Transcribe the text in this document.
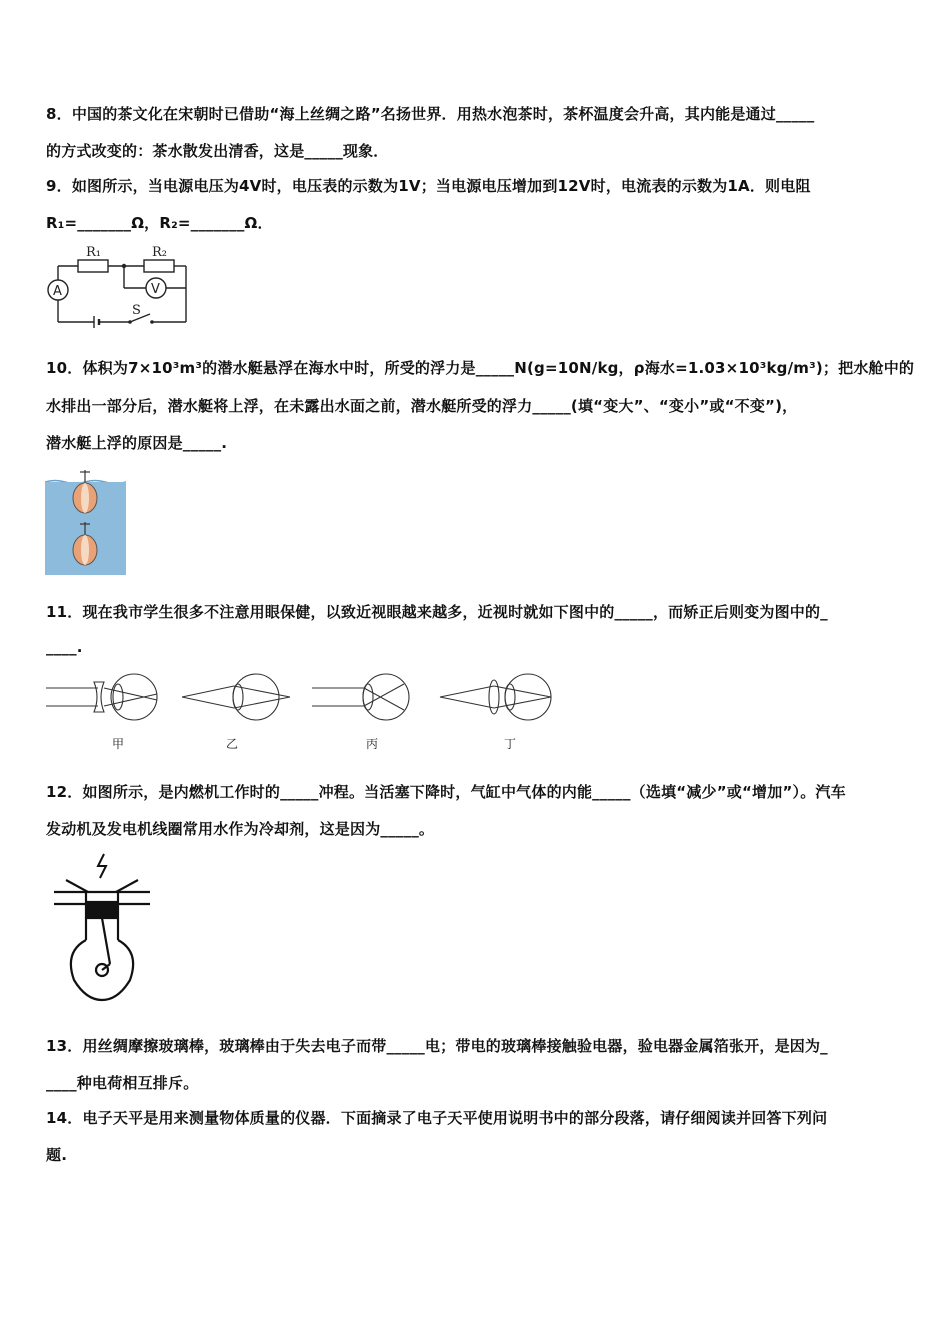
8．中国的茶文化在宋朝时已借助“海上丝绸之路”名扬世界．用热水泡茶时，茶杯温度会升高，其内能是通过_____
的方式改变的：茶水散发出清香，这是_____现象．
9．如图所示，当电源电压为4V时，电压表的示数为1V；当电源电压增加到12V时，电流表的示数为1A．则电阻
R₁=_______Ω，R₂=_______Ω．
R₁	R₂
A	V
S
10．体积为7×10³m³的潜水艇悬浮在海水中时，所受的浮力是_____N(g=10N/kg，ρ海水=1.03×10³kg/m³)；把水舱中的
水排出一部分后，潜水艇将上浮，在未露出水面之前，潜水艇所受的浮力_____(填“变大”、“变小”或“不变”)，
潜水艇上浮的原因是_____.
11．现在我市学生很多不注意用眼保健，以致近视眼越来越多，近视时就如下图中的_____，而矫正后则变为图中的_
____.
甲	乙	丙	丁
12．如图所示，是内燃机工作时的_____冲程。当活塞下降时，气缸中气体的内能_____（选填“减少”或“增加”）。汽车
发动机及发电机线圈常用水作为冷却剂，这是因为_____。
13．用丝绸摩擦玻璃棒，玻璃棒由于失去电子而带_____电；带电的玻璃棒接触验电器，验电器金属箔张开，是因为_
____种电荷相互排斥。
14．电子天平是用来测量物体质量的仪器．下面摘录了电子天平使用说明书中的部分段落，请仔细阅读并回答下列问
题.
